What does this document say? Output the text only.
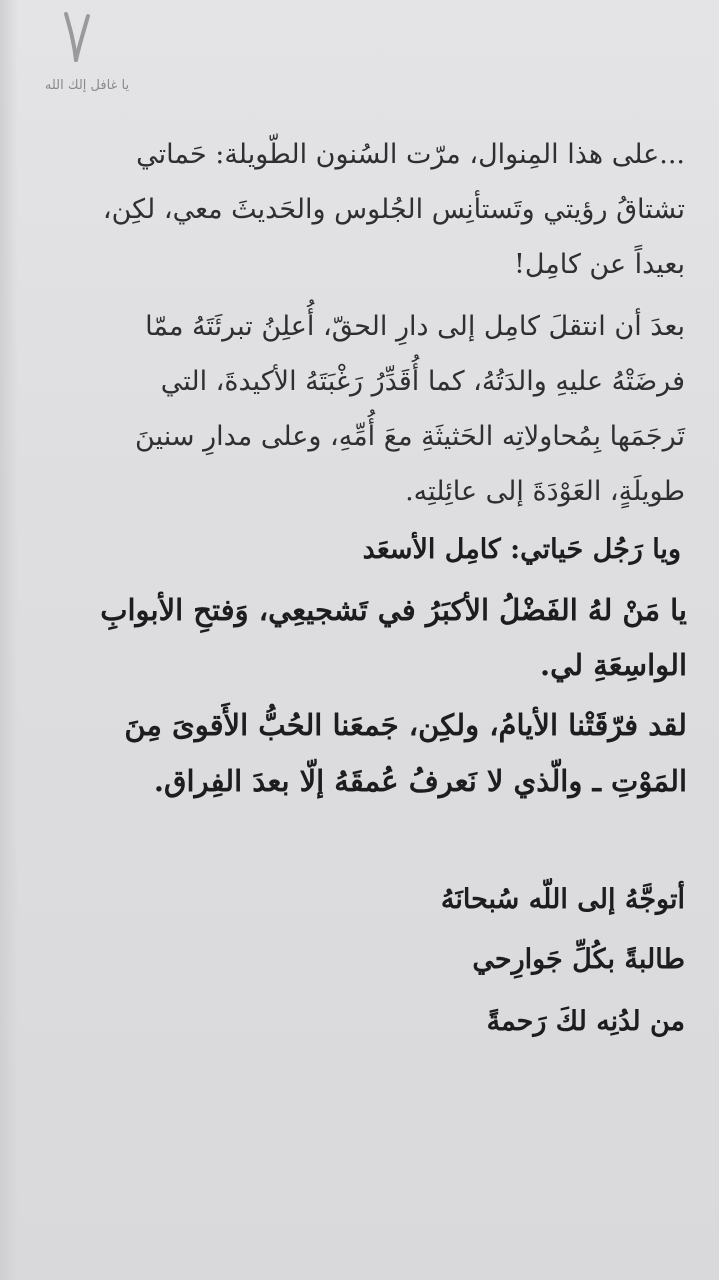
يا غافل إلك الله
...على هذا المِنوال، مرّت السُنون الطّويلة: حَماتي
تشتاقُ رؤيتي وتَستأنِس الجُلوس والحَديثَ معي، لكِن،
بعيداً عن كامِل!
بعدَ أن انتقلَ كامِل إلى دارِ الحقّ، أُعلِنُ تبرئَتَهُ ممّا
فرضَتْهُ عليهِ والدَتُهُ، كما أُقَدِّرُ رَغْبَتَهُ الأكيدةَ، التي
تَرجَمَها بِمُحاولاتِه الحَثيثَةِ معَ أُمِّهِ، وعلى مدارِ سنينَ
طويلَةٍ، العَوْدَةَ إلى عائِلتِه.
ويا رَجُل حَياتي: كامِل الأسعَد
يا مَنْ لهُ الفَضْلُ الأكبَرُ في تَشجيعِي، وَفتحِ الأبوابِ
الواسِعَةِ لي.
لقد فرّقَتْنا الأيامُ، ولكِن، جَمعَنا الحُبُّ الأَقوىَ مِنَ
المَوْتِ ـ والّذي لا نَعرفُ عُمقَهُ إلّا بعدَ الفِراق.
أتوجَّهُ إلى اللّه سُبحانَهُ
طالبةً بكُلِّ جَوارِحي
من لدُنِه لكَ رَحمةً
